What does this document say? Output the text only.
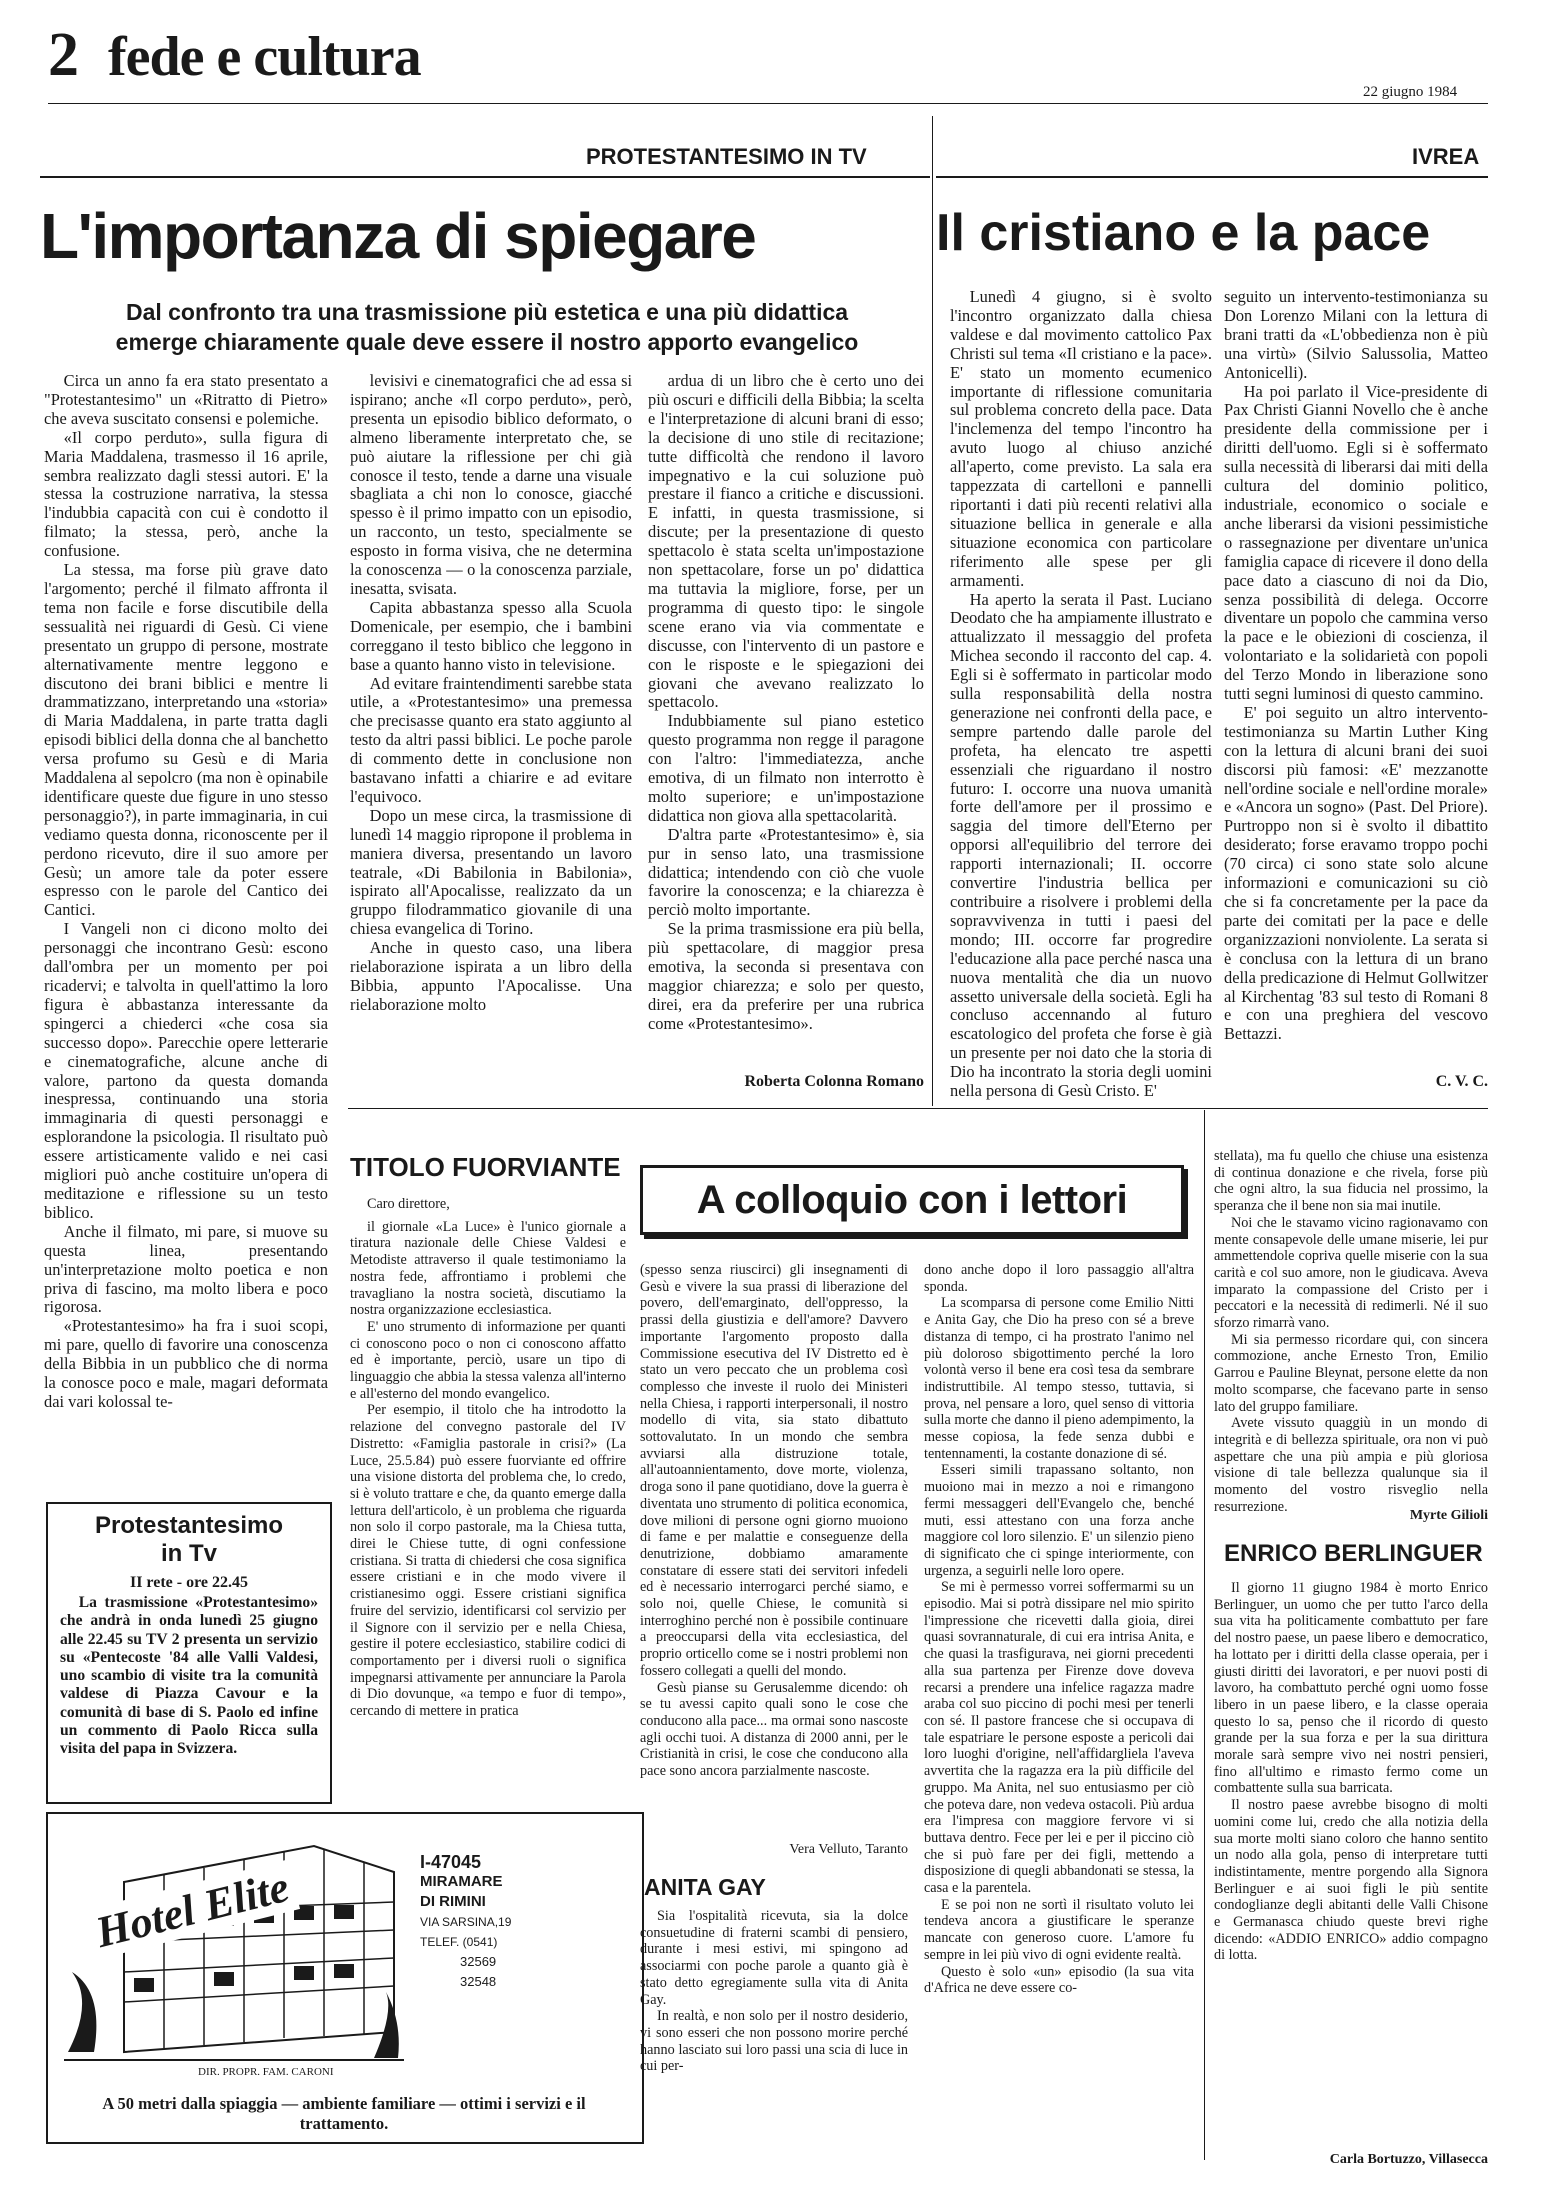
2 fede e cultura
22 giugno 1984
PROTESTANTESIMO IN TV	IVREA
L'importanza di spiegare	Il cristiano e la pace
Dal confronto tra una trasmissione più estetica e una più didattica
emerge chiaramente quale deve essere il nostro apporto evangelico

Circa un anno fa era stato presentato a "Protestantesimo" un «Ritratto di Pietro» che aveva suscitato consensi e polemiche.

«Il corpo perduto», sulla figura di Maria Maddalena, trasmesso il 16 aprile, sembra realizzato dagli stessi autori. E' la stessa la costruzione narrativa, la stessa l'indubbia capacità con cui è condotto il filmato; la stessa, però, anche la confusione.

La stessa, ma forse più grave dato l'argomento; perché il filmato affronta il tema non facile e forse discutibile della sessualità nei riguardi di Gesù. Ci viene presentato un gruppo di persone, mostrate alternativamente mentre leggono e discutono dei brani biblici e mentre li drammatizzano, interpretando una «storia» di Maria Maddalena, in parte tratta dagli episodi biblici della donna che al banchetto versa profumo su Gesù e di Maria Maddalena al sepolcro (ma non è opinabile identificare queste due figure in uno stesso personaggio?), in parte immaginaria, in cui vediamo questa donna, riconoscente per il perdono ricevuto, dire il suo amore per Gesù; un amore tale da poter essere espresso con le parole del Cantico dei Cantici.

I Vangeli non ci dicono molto dei personaggi che incontrano Gesù: escono dall'ombra per un momento per poi ricadervi; e talvolta in quell'attimo la loro figura è abbastanza interessante da spingerci a chiederci «che cosa sia successo dopo». Parecchie opere letterarie e cinematografiche, alcune anche di valore, partono da questa domanda inespressa, continuando una storia immaginaria di questi personaggi e esplorandone la psicologia. Il risultato può essere artisticamente valido e nei casi migliori può anche costituire un'opera di meditazione e riflessione su un testo biblico.

Anche il filmato, mi pare, si muove su questa linea, presentando un'interpretazione molto poetica e non priva di fascino, ma molto libera e poco rigorosa.

«Protestantesimo» ha fra i suoi scopi, mi pare, quello di favorire una conoscenza della Bibbia in un pubblico che di norma la conosce poco e male, magari deformata dai vari kolossal te-

levisivi e cinematografici che ad essa si ispirano; anche «Il corpo perduto», però, presenta un episodio biblico deformato, o almeno liberamente interpretato che, se può aiutare la riflessione per chi già conosce il testo, tende a darne una visuale sbagliata a chi non lo conosce, giacché spesso è il primo impatto con un episodio, un racconto, un testo, specialmente se esposto in forma visiva, che ne determina la conoscenza — o la conoscenza parziale, inesatta, svisata.

Capita abbastanza spesso alla Scuola Domenicale, per esempio, che i bambini correggano il testo biblico che leggono in base a quanto hanno visto in televisione.

Ad evitare fraintendimenti sarebbe stata utile, a «Protestantesimo» una premessa che precisasse quanto era stato aggiunto al testo da altri passi biblici. Le poche parole di commento dette in conclusione non bastavano infatti a chiarire e ad evitare l'equivoco.

Dopo un mese circa, la trasmissione di lunedì 14 maggio ripropone il problema in maniera diversa, presentando un lavoro teatrale, «Di Babilonia in Babilonia», ispirato all'Apocalisse, realizzato da un gruppo filodrammatico giovanile di una chiesa evangelica di Torino.

Anche in questo caso, una libera rielaborazione ispirata a un libro della Bibbia, appunto l'Apocalisse. Una rielaborazione molto

ardua di un libro che è certo uno dei più oscuri e difficili della Bibbia; la scelta e l'interpretazione di alcuni brani di esso; la decisione di uno stile di recitazione; tutte difficoltà che rendono il lavoro impegnativo e la cui soluzione può prestare il fianco a critiche e discussioni. E infatti, in questa trasmissione, si discute; per la presentazione di questo spettacolo è stata scelta un'impostazione non spettacolare, forse un po' didattica ma tuttavia la migliore, forse, per un programma di questo tipo: le singole scene erano via via commentate e discusse, con l'intervento di un pastore e con le risposte e le spiegazioni dei giovani che avevano realizzato lo spettacolo.

Indubbiamente sul piano estetico questo programma non regge il paragone con l'altro: l'immediatezza, anche emotiva, di un filmato non interrotto è molto superiore; e un'impostazione didattica non giova alla spettacolarità.

D'altra parte «Protestantesimo» è, sia pur in senso lato, una trasmissione didattica; intendendo con ciò che vuole favorire la conoscenza; e la chiarezza è perciò molto importante.

Se la prima trasmissione era più bella, più spettacolare, di maggior presa emotiva, la seconda si presentava con maggior chiarezza; e solo per questo, direi, era da preferire per una rubrica come «Protestantesimo».

Roberta Colonna Romano

Lunedì 4 giugno, si è svolto l'incontro organizzato dalla chiesa valdese e dal movimento cattolico Pax Christi sul tema «Il cristiano e la pace». E' stato un momento ecumenico importante di riflessione comunitaria sul problema concreto della pace. Data l'inclemenza del tempo l'incontro ha avuto luogo al chiuso anziché all'aperto, come previsto. La sala era tappezzata di cartelloni e pannelli riportanti i dati più recenti relativi alla situazione bellica in generale e alla situazione economica con particolare riferimento alle spese per gli armamenti.

Ha aperto la serata il Past. Luciano Deodato che ha ampiamente illustrato e attualizzato il messaggio del profeta Michea secondo il racconto del cap. 4. Egli si è soffermato in particolar modo sulla responsabilità della nostra generazione nei confronti della pace, e sempre partendo dalle parole del profeta, ha elencato tre aspetti essenziali che riguardano il nostro futuro: I. occorre una nuova umanità forte dell'amore per il prossimo e saggia del timore dell'Eterno per opporsi all'equilibrio del terrore dei rapporti internazionali; II. occorre convertire l'industria bellica per contribuire a risolvere i problemi della sopravvivenza in tutti i paesi del mondo; III. occorre far progredire l'educazione alla pace perché nasca una nuova mentalità che dia un nuovo assetto universale della società. Egli ha concluso accennando al futuro escatologico del profeta che forse è già un presente per noi dato che la storia di Dio ha incontrato la storia degli uomini nella persona di Gesù Cristo. E'

seguito un intervento-testimonianza su Don Lorenzo Milani con la lettura di brani tratti da «L'obbedienza non è più una virtù» (Silvio Salussolia, Matteo Antonicelli).

Ha poi parlato il Vice-presidente di Pax Christi Gianni Novello che è anche presidente della commissione per i diritti dell'uomo. Egli si è soffermato sulla necessità di liberarsi dai miti della cultura del dominio politico, industriale, economico o sociale e anche liberarsi da visioni pessimistiche o rassegnazione per diventare un'unica famiglia capace di ricevere il dono della pace dato a ciascuno di noi da Dio, senza possibilità di delega. Occorre diventare un popolo che cammina verso la pace e le obiezioni di coscienza, il volontariato e la solidarietà con popoli del Terzo Mondo in liberazione sono tutti segni luminosi di questo cammino.

E' poi seguito un altro intervento-testimonianza su Martin Luther King con la lettura di alcuni brani dei suoi discorsi più famosi: «E' mezzanotte nell'ordine sociale e nell'ordine morale» e «Ancora un sogno» (Past. Del Priore). Purtroppo non si è svolto il dibattito desiderato; forse eravamo troppo pochi (70 circa) ci sono state solo alcune informazioni e comunicazioni su ciò che si fa concretamente per la pace da parte dei comitati per la pace e delle organizzazioni nonviolente. La serata si è conclusa con la lettura di un brano della predicazione di Helmut Gollwitzer al Kirchentag '83 sul testo di Romani 8 e con una preghiera del vescovo Bettazzi.

C. V. C.
TITOLO FUORVIANTE
A colloquio con i lettori

Caro direttore,

il giornale «La Luce» è l'unico giornale a tiratura nazionale delle Chiese Valdesi e Metodiste attraverso il quale testimoniamo la nostra fede, affrontiamo i problemi che travagliano la nostra società, discutiamo la nostra organizzazione ecclesiastica.

E' uno strumento di informazione per quanti ci conoscono poco o non ci conoscono affatto ed è importante, perciò, usare un tipo di linguaggio che abbia la stessa valenza all'interno e all'esterno del mondo evangelico.

Per esempio, il titolo che ha introdotto la relazione del convegno pastorale del IV Distretto: «Famiglia pastorale in crisi?» (La Luce, 25.5.84) può essere fuorviante ed offrire una visione distorta del problema che, lo credo, si è voluto trattare e che, da quanto emerge dalla lettura dell'articolo, è un problema che riguarda non solo il corpo pastorale, ma la Chiesa tutta, direi le Chiese tutte, di ogni confessione cristiana. Si tratta di chiedersi che cosa significa essere cristiani e in che modo vivere il cristianesimo oggi. Essere cristiani significa fruire del servizio, identificarsi col servizio per il Signore con il servizio per e nella Chiesa, gestire il potere ecclesiastico, stabilire codici di comportamento per i diversi ruoli o significa impegnarsi attivamente per annunciare la Parola di Dio dovunque, «a tempo e fuor di tempo», cercando di mettere in pratica

(spesso senza riuscirci) gli insegnamenti di Gesù e vivere la sua prassi di liberazione del povero, dell'emarginato, dell'oppresso, la prassi della giustizia e dell'amore? Davvero importante l'argomento proposto dalla Commissione esecutiva del IV Distretto ed è stato un vero peccato che un problema così complesso che investe il ruolo dei Ministeri nella Chiesa, i rapporti interpersonali, il nostro modello di vita, sia stato dibattuto sottovalutato. In un mondo che sembra avviarsi alla distruzione totale, all'autoannientamento, dove morte, violenza, droga sono il pane quotidiano, dove la guerra è diventata uno strumento di politica economica, dove milioni di persone ogni giorno muoiono di fame e per malattie e conseguenze della denutrizione, dobbiamo amaramente constatare di essere stati dei servitori infedeli ed è necessario interrogarci perché siamo, e solo noi, quelle Chiese, le comunità si interroghino perché non è possibile continuare a preoccuparsi della vita ecclesiastica, del proprio orticello come se i nostri problemi non fossero collegati a quelli del mondo.

Gesù pianse su Gerusalemme dicendo: oh se tu avessi capito quali sono le cose che conducono alla pace... ma ormai sono nascoste agli occhi tuoi. A distanza di 2000 anni, per le Cristianità in crisi, le cose che conducono alla pace sono ancora parzialmente nascoste.

Vera Velluto, Taranto
ANITA GAY

Sia l'ospitalità ricevuta, sia la dolce consuetudine di fraterni scambi di pensiero, durante i mesi estivi, mi spingono ad associarmi con poche parole a quanto già è stato detto egregiamente sulla vita di Anita Gay.

In realtà, e non solo per il nostro desiderio, vi sono esseri che non possono morire perché hanno lasciato sui loro passi una scia di luce in cui per-

dono anche dopo il loro passaggio all'altra sponda.

La scomparsa di persone come Emilio Nitti e Anita Gay, che Dio ha preso con sé a breve distanza di tempo, ci ha prostrato l'animo nel più doloroso sbigottimento perché la loro volontà verso il bene era così tesa da sembrare indistruttibile. Al tempo stesso, tuttavia, si prova, nel pensare a loro, quel senso di vittoria sulla morte che danno il pieno adempimento, la messe copiosa, la fede senza dubbi e tentennamenti, la costante donazione di sé.

Esseri simili trapassano soltanto, non muoiono mai in mezzo a noi e rimangono fermi messaggeri dell'Evangelo che, benché muti, essi attestano con una forza anche maggiore col loro silenzio. E' un silenzio pieno di significato che ci spinge interiormente, con urgenza, a seguirli nelle loro opere.

Se mi è permesso vorrei soffermarmi su un episodio. Mai si potrà dissipare nel mio spirito l'impressione che ricevetti dalla gioia, direi quasi sovrannaturale, di cui era intrisa Anita, e che quasi la trasfigurava, nei giorni precedenti alla sua partenza per Firenze dove doveva recarsi a prendere una infelice ragazza madre araba col suo piccino di pochi mesi per tenerli con sé. Il pastore francese che si occupava di tale espatriare le persone esposte a pericoli dai loro luoghi d'origine, nell'affidargliela l'aveva avvertita che la ragazza era la più difficile del gruppo. Ma Anita, nel suo entusiasmo per ciò che poteva dare, non vedeva ostacoli. Più ardua era l'impresa con maggiore fervore vi si buttava dentro. Fece per lei e per il piccino ciò che si può fare per dei figli, mettendo a disposizione di quegli abbandonati se stessa, la casa e la parentela.

E se poi non ne sortì il risultato voluto lei tendeva ancora a giustificare le speranze mancate con generoso cuore. L'amore fu sempre in lei più vivo di ogni evidente realtà.

Questo è solo «un» episodio (la sua vita d'Africa ne deve essere co-

stellata), ma fu quello che chiuse una esistenza di continua donazione e che rivela, forse più che ogni altro, la sua fiducia nel prossimo, la speranza che il bene non sia mai inutile.

Noi che le stavamo vicino ragionavamo con mente consapevole delle umane miserie, lei pur ammettendole copriva quelle miserie con la sua carità e col suo amore, non le giudicava. Aveva imparato la compassione del Cristo per i peccatori e la necessità di redimerli. Né il suo sforzo rimarrà vano.

Mi sia permesso ricordare qui, con sincera commozione, anche Ernesto Tron, Emilio Garrou e Pauline Bleynat, persone elette da non molto scomparse, che facevano parte in senso lato del gruppo familiare.

Avete vissuto quaggiù in un mondo di integrità e di bellezza spirituale, ora non vi può aspettare che una più ampia e più gloriosa visione di tale bellezza qualunque sia il momento del vostro risveglio nella resurrezione.

Myrte Gilioli
ENRICO BERLINGUER

Il giorno 11 giugno 1984 è morto Enrico Berlinguer, un uomo che per tutto l'arco della sua vita ha politicamente combattuto per fare del nostro paese, un paese libero e democratico, ha lottato per i diritti della classe operaia, per i giusti diritti dei lavoratori, e per nuovi posti di lavoro, ha combattuto perché ogni uomo fosse libero in un paese libero, e la classe operaia questo lo sa, penso che il ricordo di questo grande per la sua forza e per la sua dirittura morale sarà sempre vivo nei nostri pensieri, fino all'ultimo e rimasto fermo come un combattente sulla sua barricata.

Il nostro paese avrebbe bisogno di molti uomini come lui, credo che alla notizia della sua morte molti siano coloro che hanno sentito un nodo alla gola, penso di interpretare tutti indistintamente, mentre porgendo alla Signora Berlinguer e ai suoi figli le più sentite condoglianze degli abitanti delle Valli Chisone e Germanasca chiudo queste brevi righe dicendo: «ADDIO ENRICO» addio compagno di lotta.

Carla Bortuzzo, Villasecca
Protestantesimo
in Tv
II rete - ore 22.45
La trasmissione «Protestantesimo» che andrà in onda lunedì 25 giugno alle 22.45 su TV 2 presenta un servizio su «Pentecoste '84 alle Valli Valdesi, uno scambio di visite tra la comunità valdese di Piazza Cavour e la comunità di base di S. Paolo ed infine un commento di Paolo Ricca sulla visita del papa in Svizzera.
Hotel Elite
DIR. PROPR. FAM. CARONI
I-47045
MIRAMARE
DI RIMINI
VIA SARSINA,19
TELEF. (0541)
32569
32548
A 50 metri dalla spiaggia — ambiente familiare — ottimi i servizi e il trattamento.
